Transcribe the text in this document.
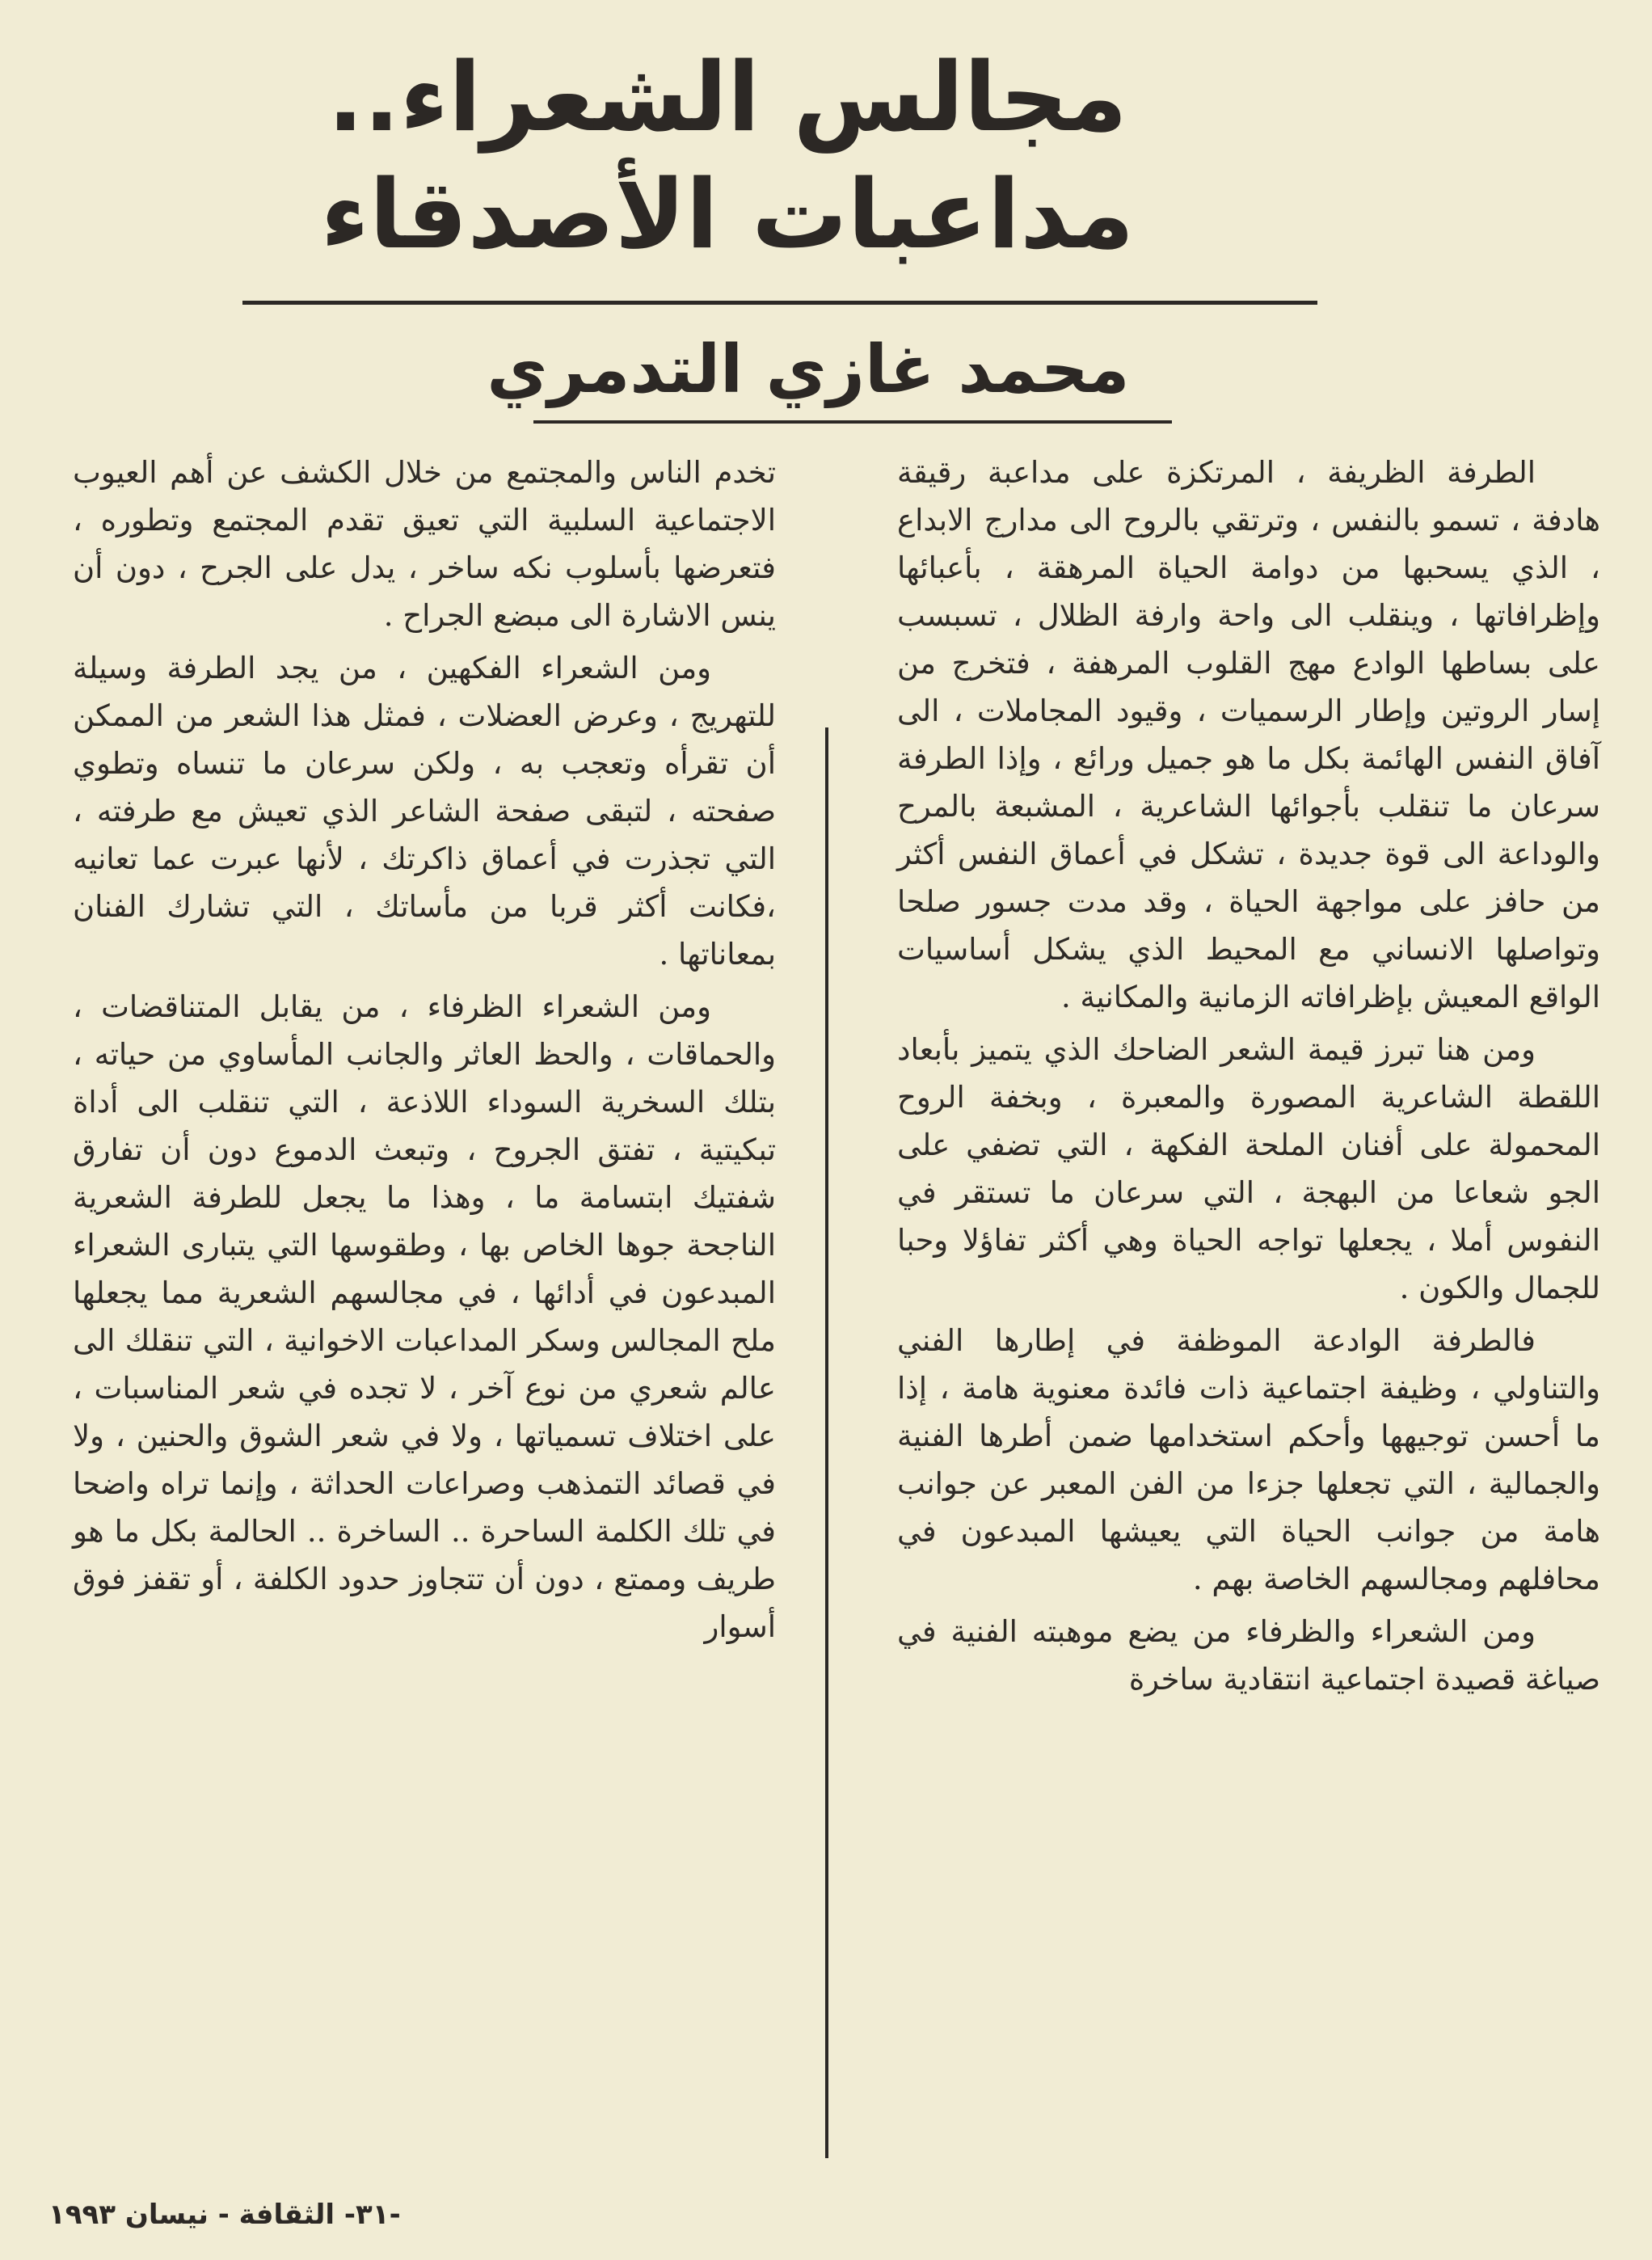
مجالس الشعراء..
مداعبات الأصدقاء
محمد غازي التدمري

الطرفة الظريفة ، المرتكزة على مداعبة رقيقة هادفة ، تسمو بالنفس ، وترتقي بالروح الى مدارج الابداع ، الذي يسحبها من دوامة الحياة المرهقة ، بأعبائها وإظرافاتها ، وينقلب الى واحة وارفة الظلال ، تسبسب على بساطها الوادع مهج القلوب المرهفة ، فتخرج من إسار الروتين وإطار الرسميات ، وقيود المجاملات ، الى آفاق النفس الهائمة بكل ما هو جميل ورائع ، وإذا الطرفة سرعان ما تنقلب بأجوائها الشاعرية ، المشبعة بالمرح والوداعة الى قوة جديدة ، تشكل في أعماق النفس أكثر من حافز على مواجهة الحياة ، وقد مدت جسور صلحا وتواصلها الانساني مع المحيط الذي يشكل أساسيات الواقع المعيش بإظرافاته الزمانية والمكانية .

ومن هنا تبرز قيمة الشعر الضاحك الذي يتميز بأبعاد اللقطة الشاعرية المصورة والمعبرة ، وبخفة الروح المحمولة على أفنان الملحة الفكهة ، التي تضفي على الجو شعاعا من البهجة ، التي سرعان ما تستقر في النفوس أملا ، يجعلها تواجه الحياة وهي أكثر تفاؤلا وحبا للجمال والكون .

فالطرفة الوادعة الموظفة في إطارها الفني والتناولي ، وظيفة اجتماعية ذات فائدة معنوية هامة ، إذا ما أحسن توجيهها وأحكم استخدامها ضمن أطرها الفنية والجمالية ، التي تجعلها جزءا من الفن المعبر عن جوانب هامة من جوانب الحياة التي يعيشها المبدعون في محافلهم ومجالسهم الخاصة بهم .

ومن الشعراء والظرفاء من يضع موهبته الفنية في صياغة قصيدة اجتماعية انتقادية ساخرة

تخدم الناس والمجتمع من خلال الكشف عن أهم العيوب الاجتماعية السلبية التي تعيق تقدم المجتمع وتطوره ، فتعرضها بأسلوب نكه ساخر ، يدل على الجرح ، دون أن ينس الاشارة الى مبضع الجراح .

ومن الشعراء الفكهين ، من يجد الطرفة وسيلة للتهريج ، وعرض العضلات ، فمثل هذا الشعر من الممكن أن تقرأه وتعجب به ، ولكن سرعان ما تنساه وتطوي صفحته ، لتبقى صفحة الشاعر الذي تعيش مع طرفته ، التي تجذرت في أعماق ذاكرتك ، لأنها عبرت عما تعانيه ،فكانت أكثر قربا من مأساتك ، التي تشارك الفنان بمعاناتها .

ومن الشعراء الظرفاء ، من يقابل المتناقضات ، والحماقات ، والحظ العاثر والجانب المأساوي من حياته ، بتلك السخرية السوداء اللاذعة ، التي تنقلب الى أداة تبكيتية ، تفتق الجروح ، وتبعث الدموع دون أن تفارق شفتيك ابتسامة ما ، وهذا ما يجعل للطرفة الشعرية الناجحة جوها الخاص بها ، وطقوسها التي يتبارى الشعراء المبدعون في أدائها ، في مجالسهم الشعرية مما يجعلها ملح المجالس وسكر المداعبات الاخوانية ، التي تنقلك الى عالم شعري من نوع آخر ، لا تجده في شعر المناسبات ، على اختلاف تسمياتها ، ولا في شعر الشوق والحنين ، ولا في قصائد التمذهب وصراعات الحداثة ، وإنما تراه واضحا في تلك الكلمة الساحرة .. الساخرة .. الحالمة بكل ما هو طريف وممتع ، دون أن تتجاوز حدود الكلفة ، أو تقفز فوق أسوار

-٣١- الثقافة - نيسان ١٩٩٣
